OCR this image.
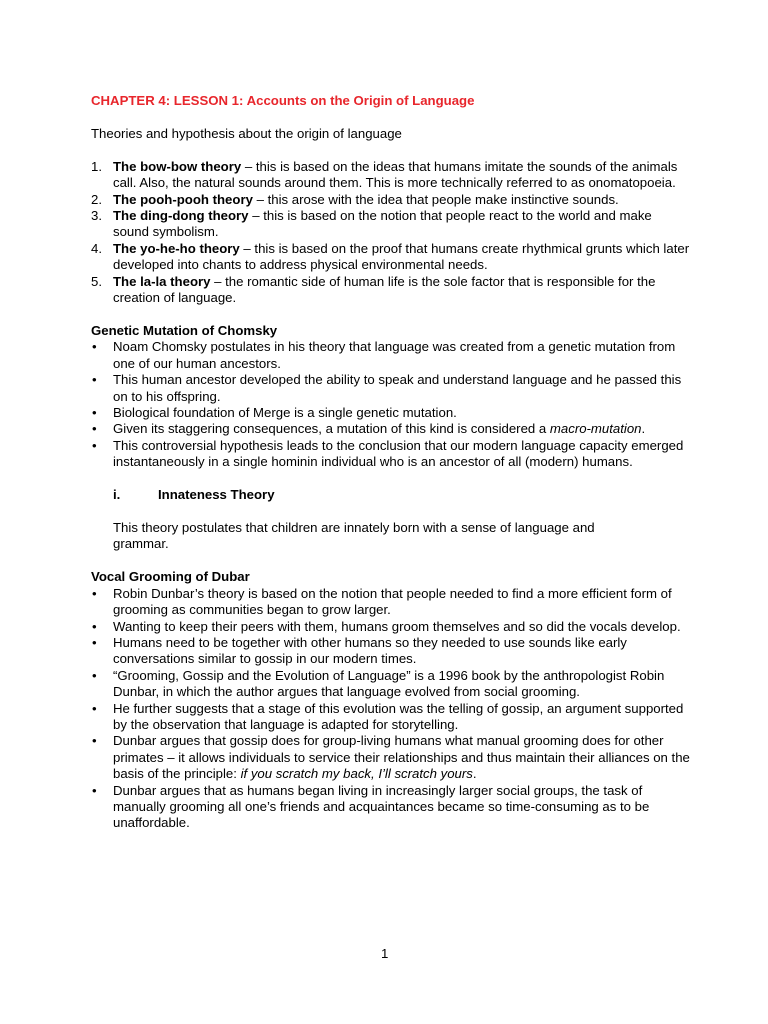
CHAPTER 4: LESSON 1: Accounts on the Origin of Language
Theories and hypothesis about the origin of language
1. The bow-bow theory – this is based on the ideas that humans imitate the sounds of the animals call. Also, the natural sounds around them. This is more technically referred to as onomatopoeia.
2. The pooh-pooh theory – this arose with the idea that people make instinctive sounds.
3. The ding-dong theory – this is based on the notion that people react to the world and make sound symbolism.
4. The yo-he-ho theory – this is based on the proof that humans create rhythmical grunts which later developed into chants to address physical environmental needs.
5. The la-la theory – the romantic side of human life is the sole factor that is responsible for the creation of language.
Genetic Mutation of Chomsky
• Noam Chomsky postulates in his theory that language was created from a genetic mutation from one of our human ancestors.
• This human ancestor developed the ability to speak and understand language and he passed this on to his offspring.
• Biological foundation of Merge is a single genetic mutation.
• Given its staggering consequences, a mutation of this kind is considered a macro-mutation.
• This controversial hypothesis leads to the conclusion that our modern language capacity emerged instantaneously in a single hominin individual who is an ancestor of all (modern) humans.
i.	Innateness Theory
This theory postulates that children are innately born with a sense of language and grammar.
Vocal Grooming of Dubar
• Robin Dunbar’s theory is based on the notion that people needed to find a more efficient form of grooming as communities began to grow larger.
• Wanting to keep their peers with them, humans groom themselves and so did the vocals develop.
• Humans need to be together with other humans so they needed to use sounds like early conversations similar to gossip in our modern times.
• “Grooming, Gossip and the Evolution of Language” is a 1996 book by the anthropologist Robin Dunbar, in which the author argues that language evolved from social grooming.
• He further suggests that a stage of this evolution was the telling of gossip, an argument supported by the observation that language is adapted for storytelling.
• Dunbar argues that gossip does for group-living humans what manual grooming does for other primates – it allows individuals to service their relationships and thus maintain their alliances on the basis of the principle: if you scratch my back, I’ll scratch yours.
• Dunbar argues that as humans began living in increasingly larger social groups, the task of manually grooming all one’s friends and acquaintances became so time-consuming as to be unaffordable.
1
